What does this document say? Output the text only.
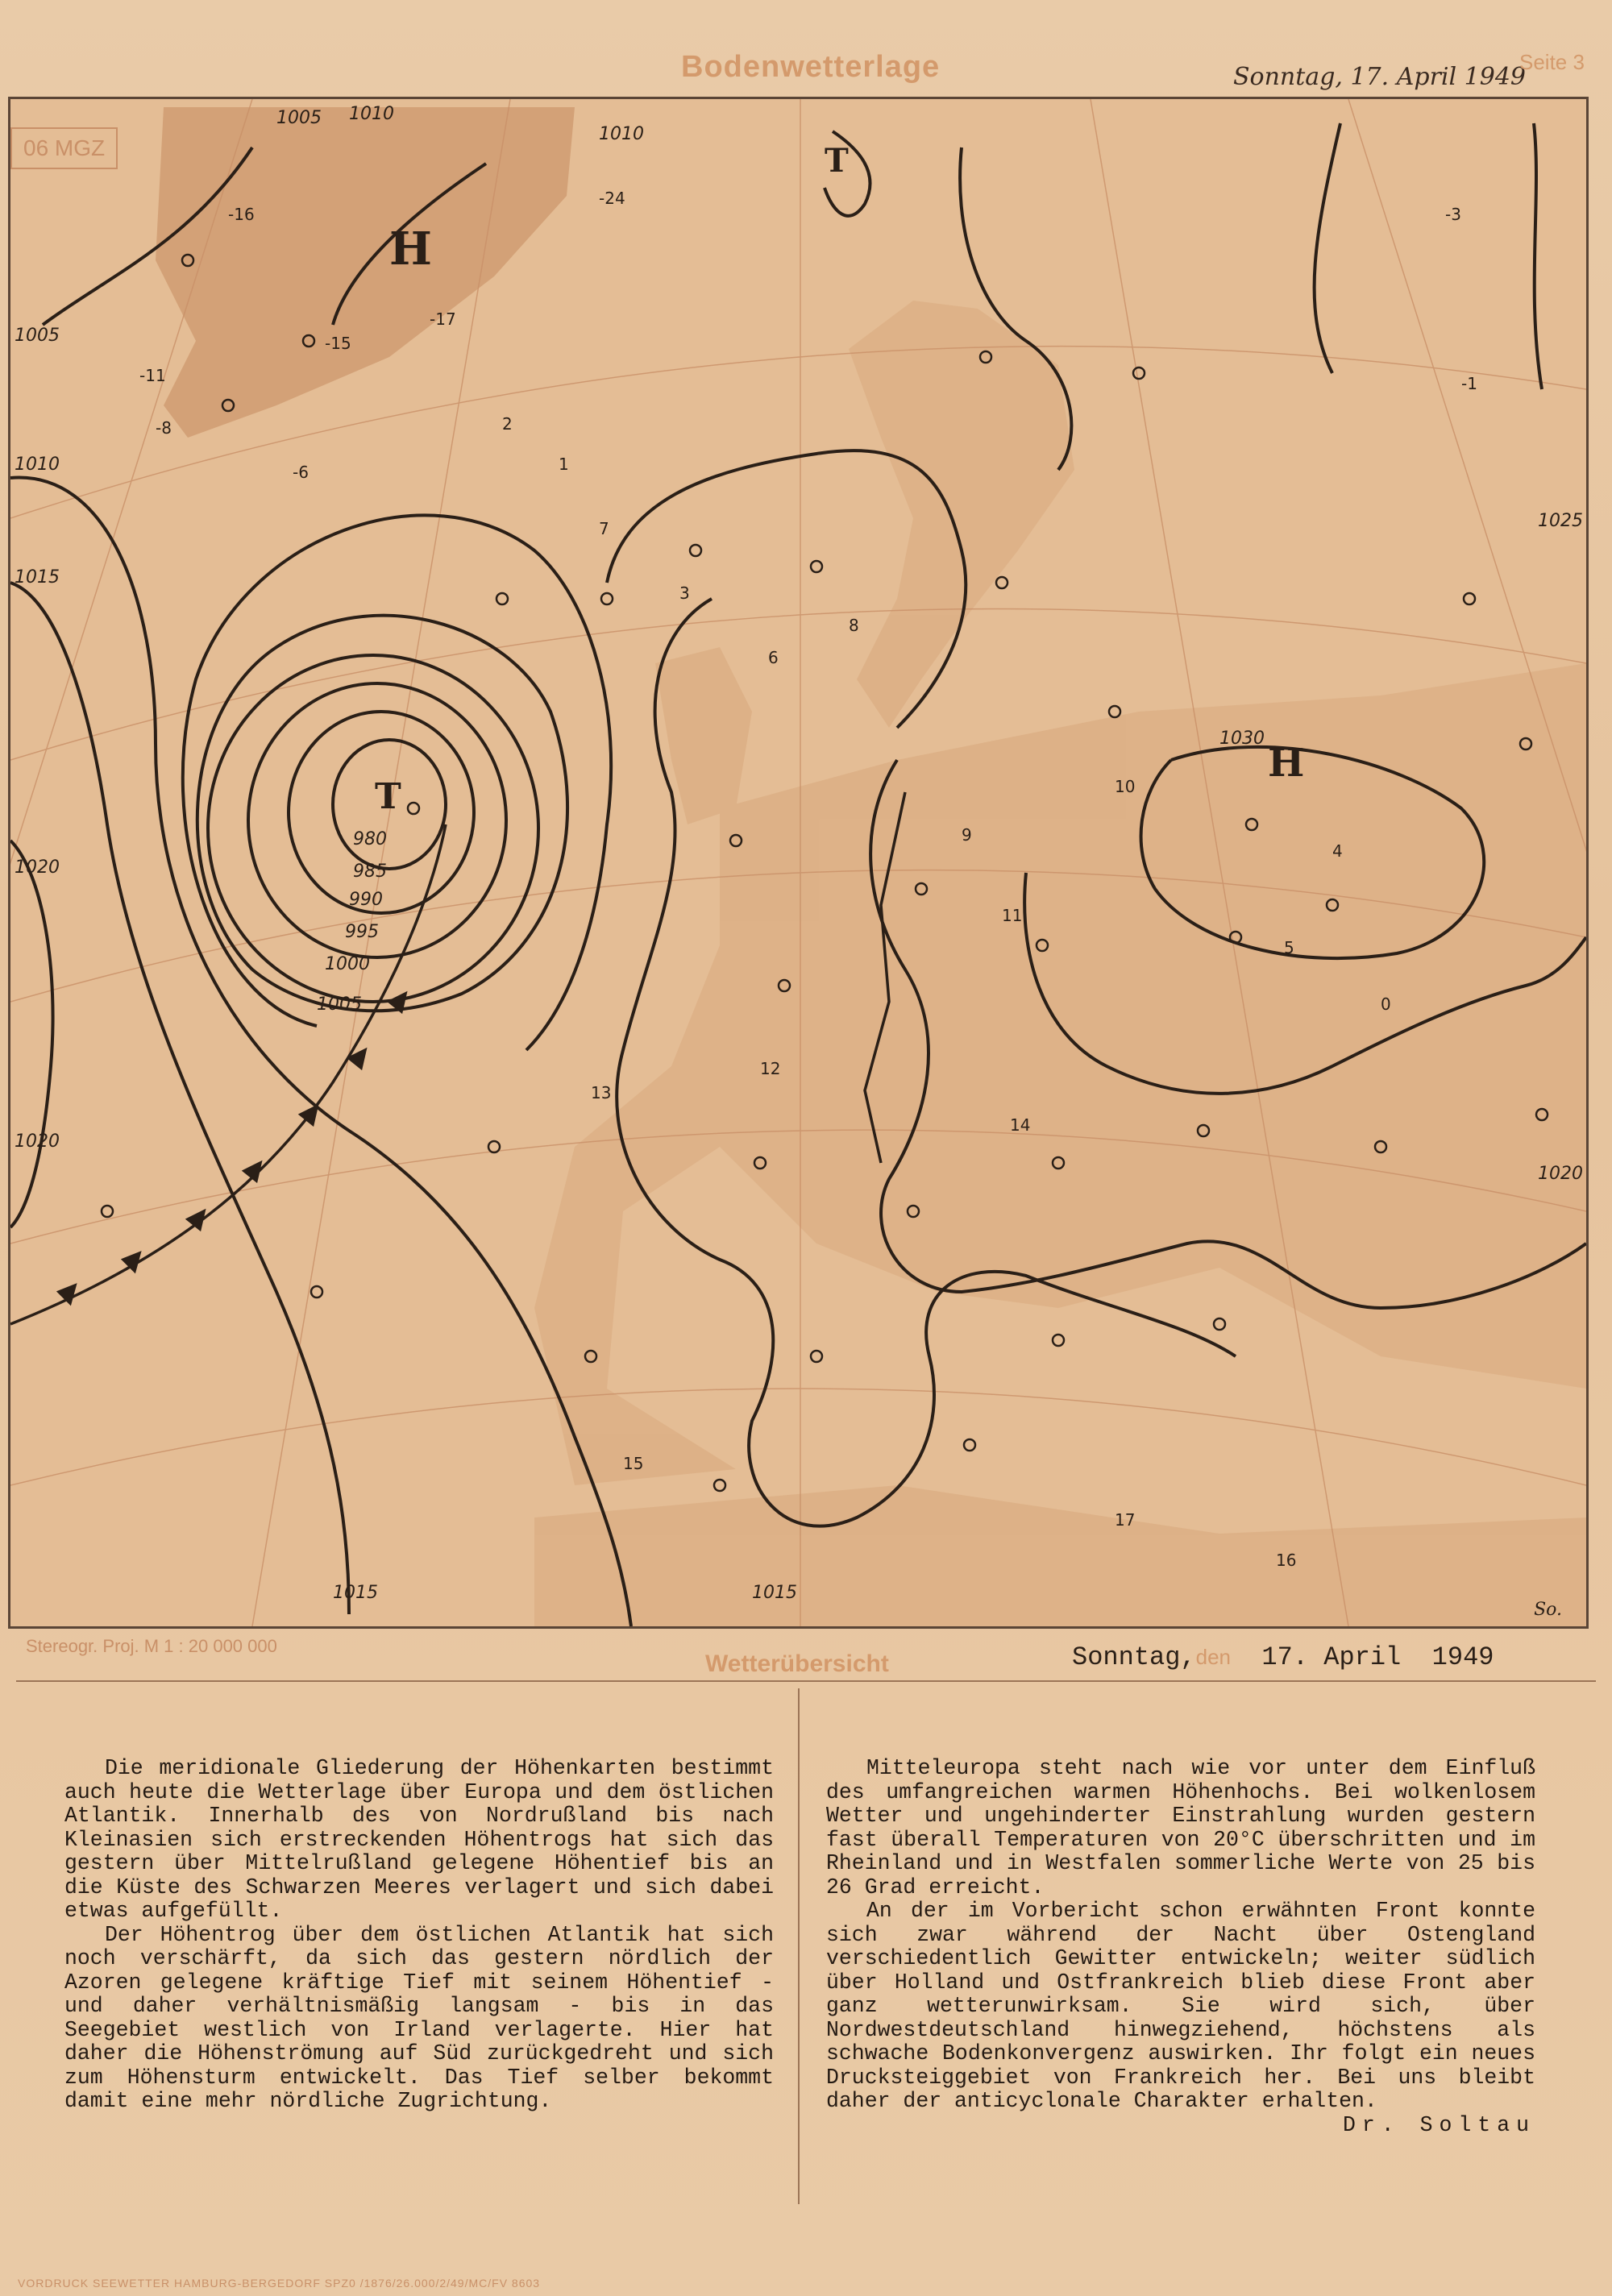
Bodenwetterlage	Sonntag, 17. April 1949
Seite 3
H
T
H
T
1005 1010
1005
1010
1015
1020
980
985
990
995
1000
1005
1010
1015
1020
1025
1030
1020
1015
-16
-11
-8
-24
-17
-15
-6
2
1
7
3
6
8
9
10
11
12
13
14
15
16
17
5
4
0
-1
-3
06 MGZ
So.
Stereogr. Proj. M 1 : 20 000 000
Wetterübersicht	Sonntag,den 17. April  1949

Die meridionale Gliederung der Höhenkarten bestimmt auch heute die Wetterlage über Europa und dem östlichen Atlantik. Innerhalb des von Nordrußland bis nach Kleinasien sich erstreckenden Höhentrogs hat sich das gestern über Mittelrußland gelegene Höhentief bis an die Küste des Schwarzen Meeres verlagert und sich dabei etwas aufgefüllt.

Der Höhentrog über dem östlichen Atlantik hat sich noch verschärft, da sich das gestern nördlich der Azoren gelegene kräftige Tief mit seinem Höhentief - und daher verhältnismäßig langsam - bis in das Seegebiet westlich von Irland verlagerte. Hier hat daher die Höhenströmung auf Süd zurückgedreht und sich zum Höhensturm entwickelt. Das Tief selber bekommt damit eine mehr nördliche Zugrichtung.

Mitteleuropa steht nach wie vor unter dem Einfluß des umfangreichen warmen Höhenhochs. Bei wolkenlosem Wetter und ungehinderter Einstrahlung wurden gestern fast überall Temperaturen von 20°C überschritten und im Rheinland und in Westfalen sommerliche Werte von 25 bis 26 Grad erreicht.

An der im Vorbericht schon erwähnten Front konnte sich zwar während der Nacht über Ostengland verschiedentlich Gewitter entwickeln; weiter südlich über Holland und Ostfrankreich blieb diese Front aber ganz wetterunwirksam. Sie wird sich, über Nordwestdeutschland hinwegziehend, höchstens als schwache Bodenkonvergenz auswirken. Ihr folgt ein neues Drucksteiggebiet von Frankreich her. Bei uns bleibt daher der anticyclonale Charakter erhalten.

Dr. Soltau

VORDRUCK SEEWETTER HAMBURG-BERGEDORF SPZ0 /1876/26.000/2/49/MC/FV 8603
